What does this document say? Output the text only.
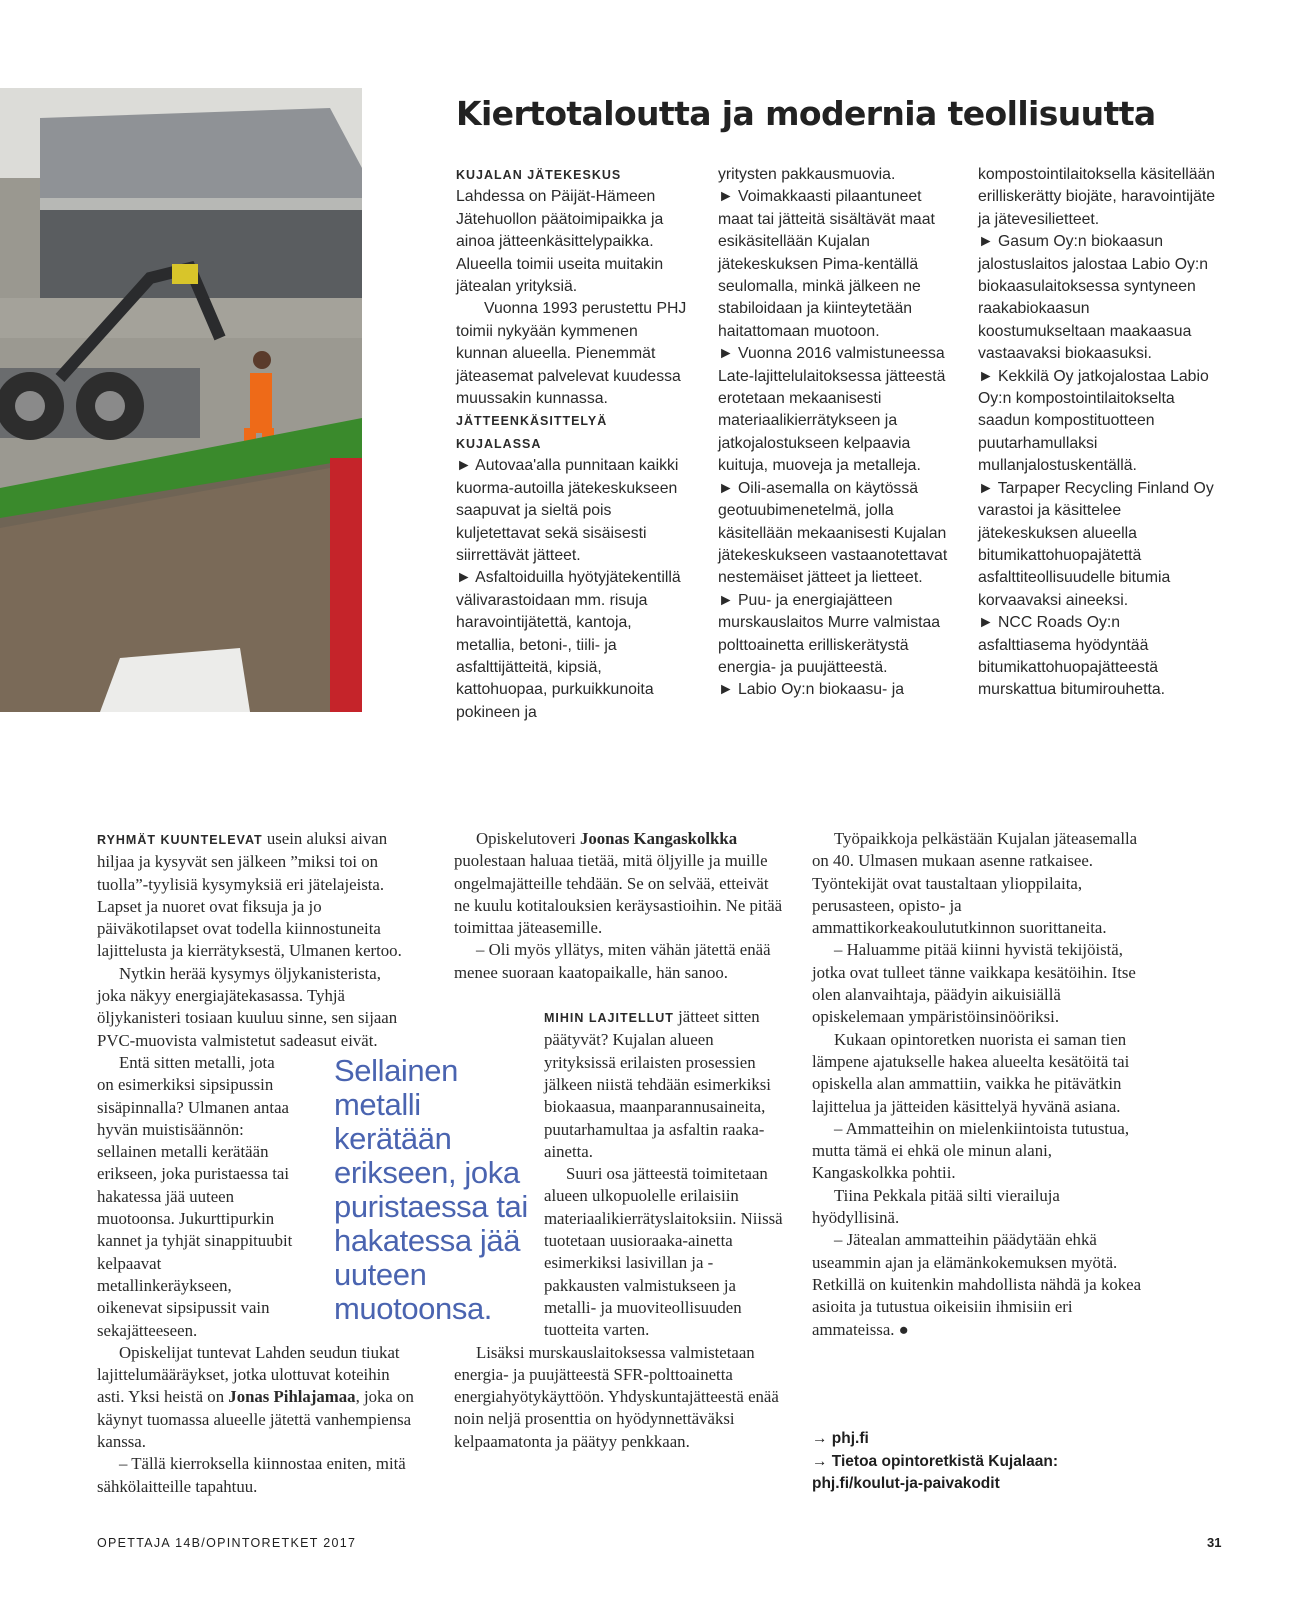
Kiertotaloutta ja modernia teollisuutta

KUJALAN JÄTEKESKUS Lahdessa on Päijät-Hämeen Jätehuollon päätoimipaikka ja ainoa jätteenkäsittelypaikka. Alueella toimii useita muitakin jätealan yrityksiä.

Vuonna 1993 perustettu PHJ toimii nykyään kymmenen kunnan alueella. Pienemmät jäteasemat palvelevat kuudessa muussakin kunnassa.

JÄTTEENKÄSITTELYÄ KUJALASSA

► Autovaa'alla punnitaan kaikki kuorma-autoilla jätekeskukseen saapuvat ja sieltä pois kuljetettavat sekä sisäisesti siirrettävät jätteet.

► Asfaltoiduilla hyötyjätekentillä välivarastoidaan mm. risuja haravointijätettä, kantoja, metallia, betoni-, tiili- ja asfalttijätteitä, kipsiä, kattohuopaa, purkuikkunoita pokineen ja

yritysten pakkausmuovia.

► Voimakkaasti pilaantuneet maat tai jätteitä sisältävät maat esikäsitellään Kujalan jätekeskuksen Pima-kentällä seulomalla, minkä jälkeen ne stabiloidaan ja kiinteytetään haitattomaan muotoon.

► Vuonna 2016 valmistuneessa Late-lajittelulaitoksessa jätteestä erotetaan mekaanisesti materiaalikierrätykseen ja jatkojalostukseen kelpaavia kuituja, muoveja ja metalleja.

► Oili-asemalla on käytössä geotuubimenetelmä, jolla käsitellään mekaanisesti Kujalan jätekeskukseen vastaanotettavat nestemäiset jätteet ja lietteet.

► Puu- ja energiajätteen murskauslaitos Murre valmistaa polttoainetta erilliskerätystä energia- ja puujätteestä.

► Labio Oy:n biokaasu- ja

kompostointilaitoksella käsitellään erilliskerätty biojäte, haravointijäte ja jätevesilietteet.

► Gasum Oy:n biokaasun jalostuslaitos jalostaa Labio Oy:n biokaasulaitoksessa syntyneen raakabiokaasun koostumukseltaan maakaasua vastaavaksi biokaasuksi.

► Kekkilä Oy jatkojalostaa Labio Oy:n kompostointilaitokselta saadun kompostituotteen puutarhamullaksi mullanjalostuskentällä.

► Tarpaper Recycling Finland Oy varastoi ja käsittelee jätekeskuksen alueella bitumikattohuopajätettä asfalttiteollisuudelle bitumia korvaavaksi aineeksi.

► NCC Roads Oy:n asfalttiasema hyödyntää bitumikattohuopajätteestä murskattua bitumirouhetta.

RYHMÄT KUUNTELEVAT usein aluksi aivan hiljaa ja kysyvät sen jälkeen ”miksi toi on tuolla”-tyylisiä kysymyksiä eri jätelajeista. Lapset ja nuoret ovat fiksuja ja jo päiväkotilapset ovat todella kiinnostuneita lajittelusta ja kierrätyksestä, Ulmanen kertoo.

Nytkin herää kysymys öljykanisterista, joka näkyy energiajätekasassa. Tyhjä öljykanisteri tosiaan kuuluu sinne, sen sijaan PVC-muovista valmistetut sadeasut eivät.

Entä sitten metalli, jota on esimerkiksi sipsipussin sisäpinnalla? Ulmanen antaa hyvän muistisäännön: sellainen metalli kerätään erikseen, joka puristaessa tai hakatessa jää uuteen muotoonsa. Jukurttipurkin kannet ja tyhjät sinappituubit kelpaavat metallinkeräykseen, oikenevat sipsipussit vain sekajätteeseen.

Opiskelijat tuntevat Lahden seudun tiukat lajittelumääräykset, jotka ulottuvat koteihin asti. Yksi heistä on Jonas Pihlajamaa, joka on käynyt tuomassa alueelle jätettä vanhempiensa kanssa.

– Tällä kierroksella kiinnostaa eniten, mitä sähkölaitteille tapahtuu.

Opiskelutoveri Joonas Kangaskolkka puolestaan haluaa tietää, mitä öljyille ja muille ongelmajätteille tehdään. Se on selvää, etteivät ne kuulu kotitalouksien keräysastioihin. Ne pitää toimittaa jäteasemille.

– Oli myös yllätys, miten vähän jätettä enää menee suoraan kaatopaikalle, hän sanoo.

MIHIN LAJITELLUT jätteet sitten päätyvät? Kujalan alueen yrityksissä erilaisten prosessien jälkeen niistä tehdään esimerkiksi biokaasua, maanparannusaineita, puutarhamultaa ja asfaltin raaka-ainetta.

Suuri osa jätteestä toimitetaan alueen ulkopuolelle erilaisiin materiaalikierrätyslaitoksiin. Niissä tuotetaan uusioraaka-ainetta esimerkiksi lasivillan ja -pakkausten valmistukseen ja metalli- ja muoviteollisuuden tuotteita varten.

Lisäksi murskauslaitoksessa valmistetaan energia- ja puujätteestä SFR-polttoainetta energiahyötykäyttöön. Yhdyskuntajätteestä enää noin neljä prosenttia on hyödynnettäväksi kelpaamatonta ja päätyy penkkaan.

Työpaikkoja pelkästään Kujalan jäteasemalla on 40. Ulmasen mukaan asenne ratkaisee. Työntekijät ovat taustaltaan ylioppilaita, perusasteen, opisto- ja ammattikorkeakoulututkinnon suorittaneita.

– Haluamme pitää kiinni hyvistä tekijöistä, jotka ovat tulleet tänne vaikkapa kesätöihin. Itse olen alanvaihtaja, päädyin aikuisiällä opiskelemaan ympäristöinsinööriksi.

Kukaan opintoretken nuorista ei saman tien lämpene ajatukselle hakea alueelta kesätöitä tai opiskella alan ammattiin, vaikka he pitävätkin lajittelua ja jätteiden käsittelyä hyvänä asiana.

– Ammatteihin on mielenkiintoista tutustua, mutta tämä ei ehkä ole minun alani, Kangaskolkka pohtii.

Tiina Pekkala pitää silti vierailuja hyödyllisinä.

– Jätealan ammatteihin päädytään ehkä useammin ajan ja elämänkokemuksen myötä. Retkillä on kuitenkin mahdollista nähdä ja kokea asioita ja tutustua oikeisiin ihmisiin eri ammateissa. ●

Sellainen metalli kerätään erikseen, joka puristaessa tai hakatessa jää uuteen muotoonsa.
→ phj.fi
→ Tietoa opintoretkistä Kujalaan:
phj.fi/koulut-ja-paivakodit
OPETTAJA 14B/OPINTORETKET 2017	31
